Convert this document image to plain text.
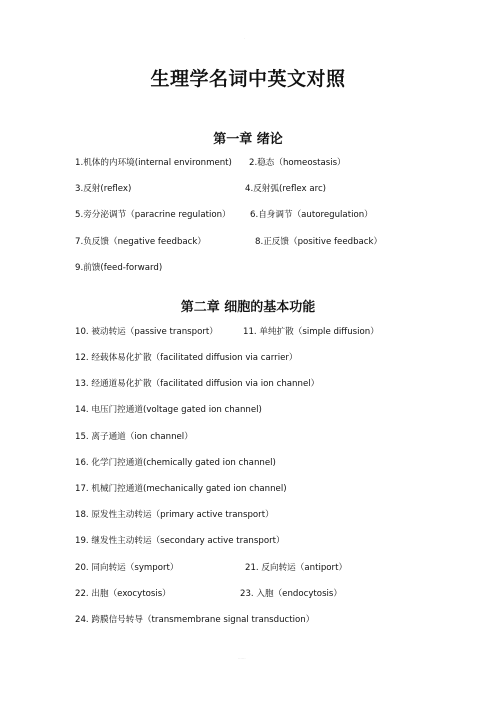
·
生理学名词中英文对照
第一章 绪论
1.机体的内环境(internal environment) 2.稳态（homeostasis）
3.反射(reflex)	4.反射弧(reflex arc)
5.旁分泌调节（paracrine regulation） 6.自身调节（autoregulation）
7.负反馈（negative feedback）	8.正反馈（positive feedback）
9.前馈(feed-forward)
第二章 细胞的基本功能
10. 被动转运（passive transport）	11. 单纯扩散（simple diffusion）
12. 经载体易化扩散（facilitated diffusion via carrier）
13. 经通道易化扩散（facilitated diffusion via ion channel）
14. 电压门控通道(voltage gated ion channel)
15. 离子通道（ion channel）
16. 化学门控通道(chemically gated ion channel)
17. 机械门控通道(mechanically gated ion channel)
18. 原发性主动转运（primary active transport）
19. 继发性主动转运（secondary active transport）
20. 同向转运（symport）	21. 反向转运（antiport）
22. 出胞（exocytosis）	23. 入胞（endocytosis）
24. 跨膜信号转导（transmembrane signal transduction）
······
